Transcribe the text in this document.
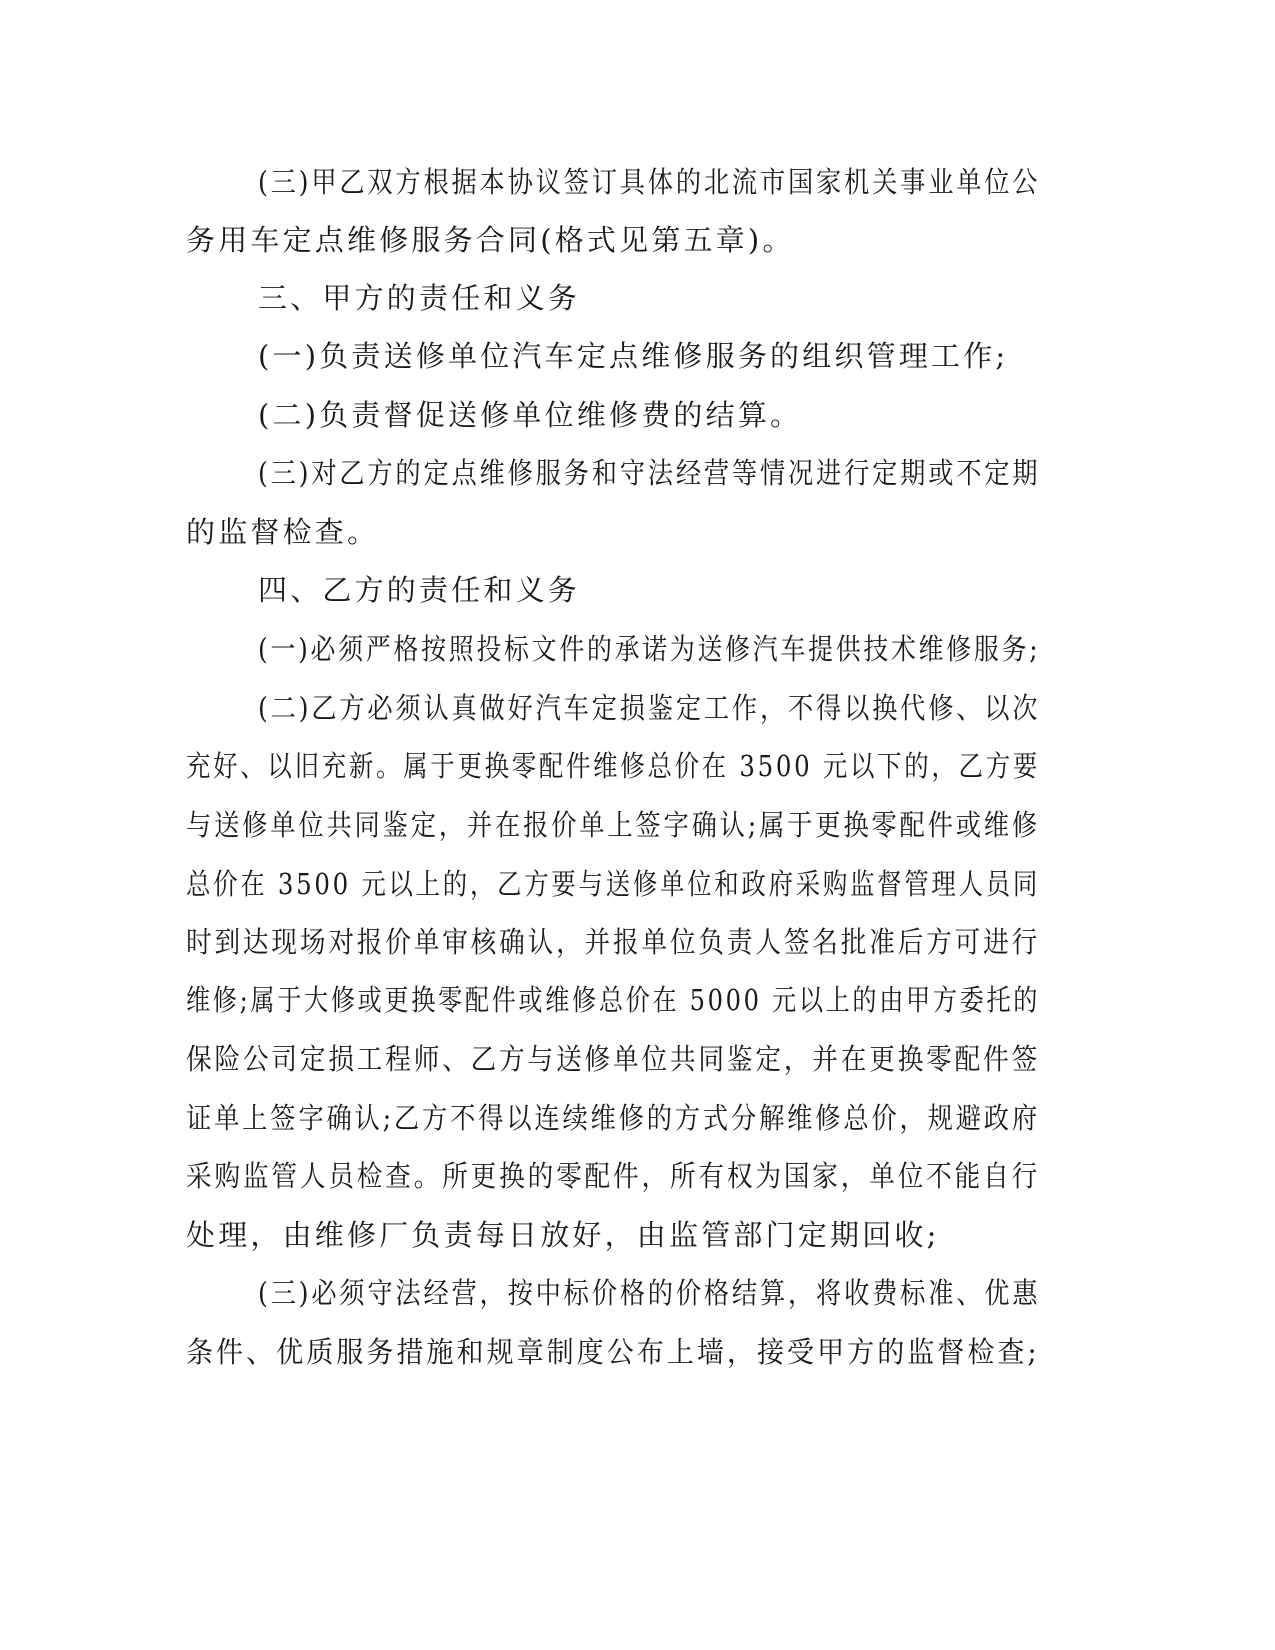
(三)甲乙双方根据本协议签订具体的北流市国家机关事业单位公
务用车定点维修服务合同(格式见第五章)。
三、甲方的责任和义务
(一)负责送修单位汽车定点维修服务的组织管理工作;
(二)负责督促送修单位维修费的结算。
(三)对乙方的定点维修服务和守法经营等情况进行定期或不定期
的监督检查。
四、乙方的责任和义务
(一)必须严格按照投标文件的承诺为送修汽车提供技术维修服务;
(二)乙方必须认真做好汽车定损鉴定工作，不得以换代修、以次
充好、以旧充新。属于更换零配件维修总价在 3500 元以下的，乙方要
与送修单位共同鉴定，并在报价单上签字确认;属于更换零配件或维修
总价在 3500 元以上的，乙方要与送修单位和政府采购监督管理人员同
时到达现场对报价单审核确认，并报单位负责人签名批准后方可进行
维修;属于大修或更换零配件或维修总价在 5000 元以上的由甲方委托的
保险公司定损工程师、乙方与送修单位共同鉴定，并在更换零配件签
证单上签字确认;乙方不得以连续维修的方式分解维修总价，规避政府
采购监管人员检查。所更换的零配件，所有权为国家，单位不能自行
处理，由维修厂负责每日放好，由监管部门定期回收;
(三)必须守法经营，按中标价格的价格结算，将收费标准、优惠
条件、优质服务措施和规章制度公布上墙，接受甲方的监督检查;
